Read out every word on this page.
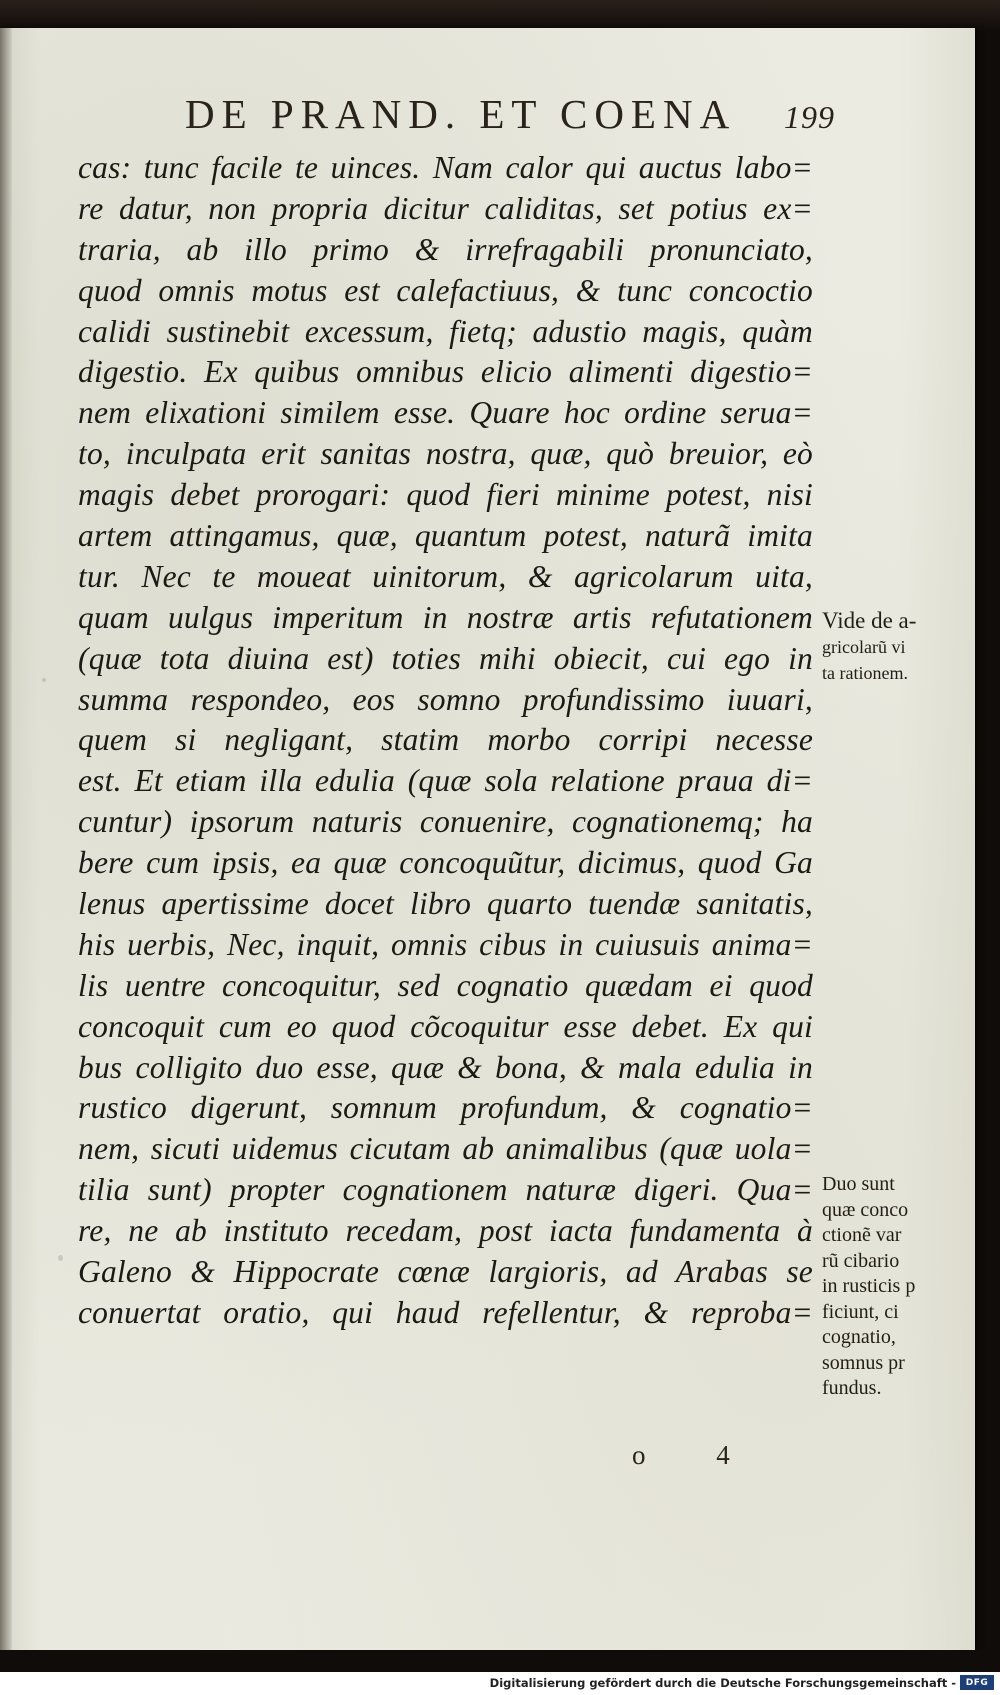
DE PRAND. ET COENA 199
cas: tunc facile te uinces. Nam calor qui auctus labo=
re datur, non propria dicitur caliditas, set potius ex=
traria, ab illo primo & irrefragabili pronunciato,
quod omnis motus est calefactiuus, & tunc concoctio
calidi sustinebit excessum, fietq; adustio magis, quàm
digestio. Ex quibus omnibus elicio alimenti digestio=
nem elixationi similem esse. Quare hoc ordine serua=
to, inculpata erit sanitas nostra, quæ, quò breuior, eò
magis debet prorogari: quod fieri minime potest, nisi
artem attingamus, quæ, quantum potest, naturã imita
tur. Nec te moueat uinitorum, & agricolarum uita,
quam uulgus imperitum in nostræ artis refutationem
(quæ tota diuina est) toties mihi obiecit, cui ego in
summa respondeo, eos somno profundissimo iuuari,
quem si negligant, statim morbo corripi necesse
est. Et etiam illa edulia (quæ sola relatione praua di=
cuntur) ipsorum naturis conuenire, cognationemq; ha
bere cum ipsis, ea quæ concoquũtur, dicimus, quod Ga
lenus apertissime docet libro quarto tuendæ sanitatis,
his uerbis, Nec, inquit, omnis cibus in cuiusuis anima=
lis uentre concoquitur, sed cognatio quædam ei quod
concoquit cum eo quod cõcoquitur esse debet. Ex qui
bus colligito duo esse, quæ & bona, & mala edulia in
rustico digerunt, somnum profundum, & cognatio=
nem, sicuti uidemus cicutam ab animalibus (quæ uola=
tilia sunt) propter cognationem naturæ digeri. Qua=
re, ne ab instituto recedam, post iacta fundamenta à
Galeno & Hippocrate cœnæ largioris, ad Arabas se
conuertat oratio, qui haud refellentur, & reproba=
o 4
Vide de a-
gricolarũ vi
ta rationem.
Duo sunt
quæ conco
ctionẽ var
rũ cibario
in rusticis p
ficiunt, ci
cognatio,
somnus pr
fundus.
Digitalisierung gefördert durch die Deutsche Forschungsgemeinschaft -	DFG
